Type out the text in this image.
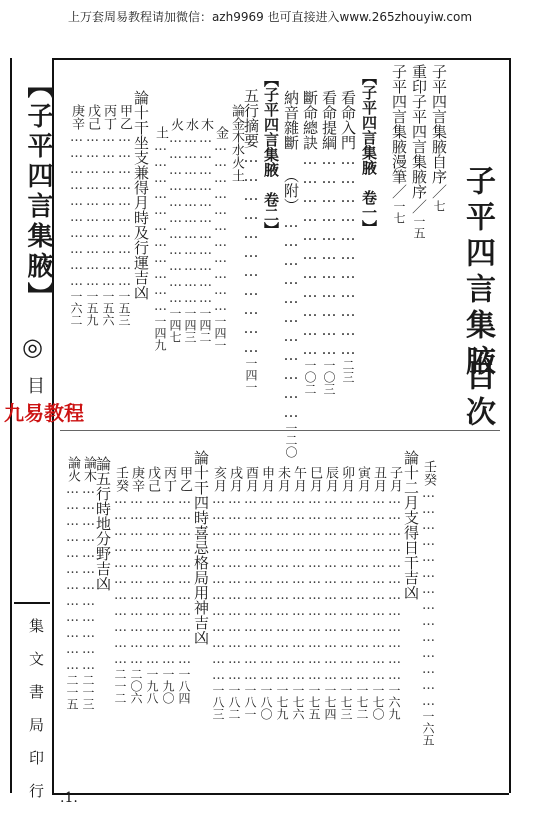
上万套周易教程请加微信：azh9969 也可直接进入www.265zhouyiw.com
子平四言集腋
目次
【子平四言集腋】
◎
目
九易教程
集文書局印行 .1.
子平四言集腋自序／七
重印子平四言集腋序／一五
子平四言集腋漫筆／一七
【子平四言集腋　卷一】
看命入門……………………………二三
看命提綱……………………………一〇三
斷命總訣……………………………一〇二
納音雜斷 （附）……………………………一二〇
【子平四言集腋　卷二】
五行摘要……………………………一四一
論金木水火土
金……………………………一四一
木……………………………一四二
水……………………………一四三
火……………………………一四七
土……………………………一四九
論十干坐支兼得月時及行運吉凶
甲乙…………………………一五三
丙丁…………………………一五六
戊己…………………………一五九
庚辛…………………………一六二
壬癸……………………………………一六五
論十二月支得日干吉凶
子月………………………………一六九
丑月………………………………一七〇
寅月………………………………一七二
卯月………………………………一七三
辰月………………………………一七四
巳月………………………………一七五
午月………………………………一七六
未月………………………………一七九
申月………………………………一八〇
酉月………………………………一八一
戌月………………………………一八二
亥月………………………………一八三
論十干四時喜忌格局用神吉凶
甲乙……………………………一八四
丙丁……………………………一九〇
戊己……………………………一九八
庚辛……………………………二〇六
壬癸……………………………二一二
論五行時地分野吉凶
論木………………………………二一三
論火………………………………二一五
